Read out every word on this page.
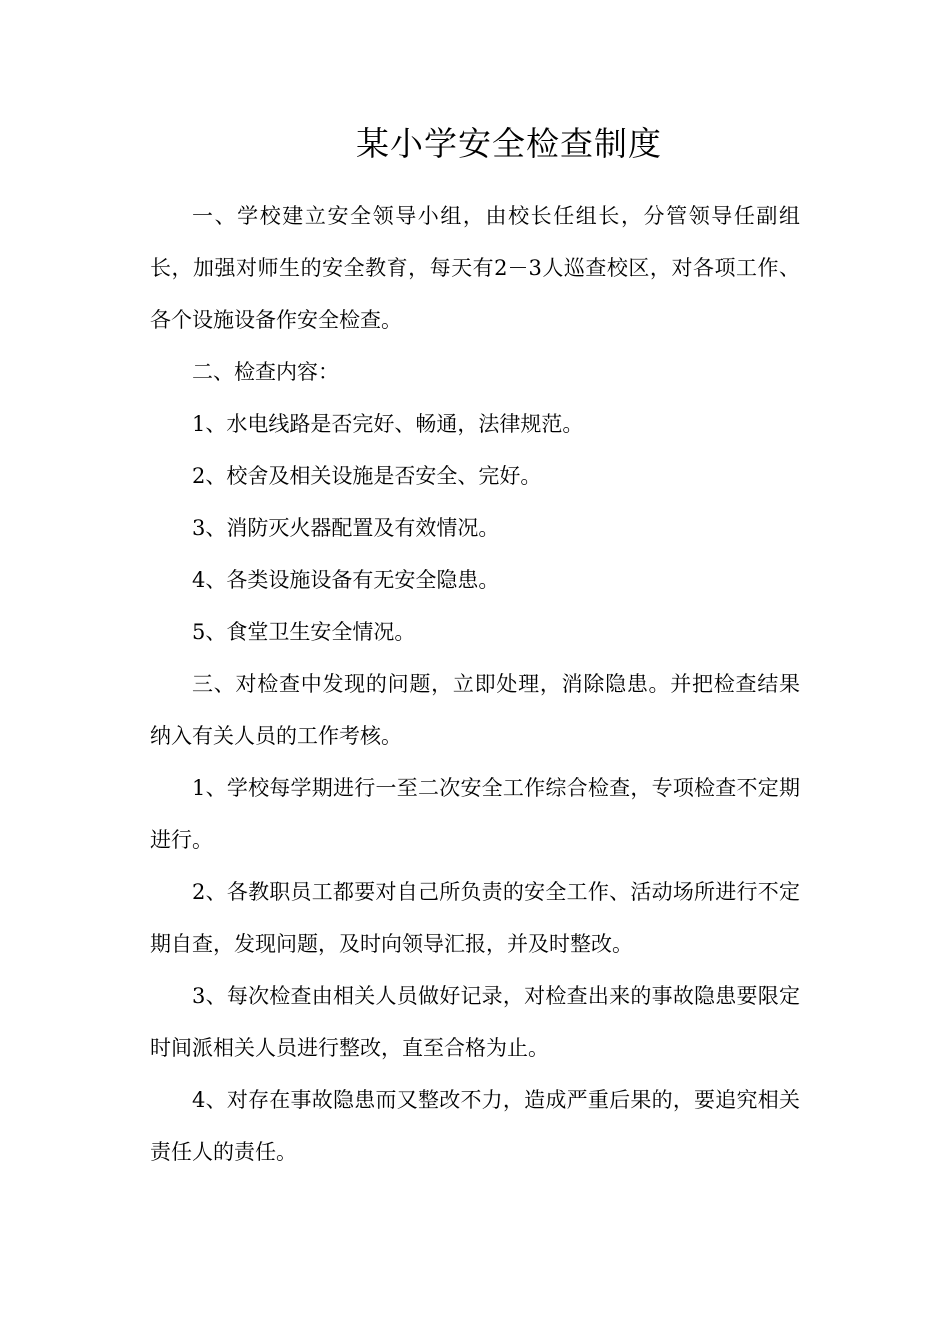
某小学安全检查制度

一、学校建立安全领导小组，由校长任组长，分管领导任副组长，加强对师生的安全教育，每天有2－3人巡查校区，对各项工作、各个设施设备作安全检查。

二、检查内容：

1、水电线路是否完好、畅通，法律规范。

2、校舍及相关设施是否安全、完好。

3、消防灭火器配置及有效情况。

4、各类设施设备有无安全隐患。

5、食堂卫生安全情况。

三、对检查中发现的问题，立即处理，消除隐患。并把检查结果纳入有关人员的工作考核。

1、学校每学期进行一至二次安全工作综合检查，专项检查不定期进行。

2、各教职员工都要对自己所负责的安全工作、活动场所进行不定期自查，发现问题，及时向领导汇报，并及时整改。

3、每次检查由相关人员做好记录，对检查出来的事故隐患要限定时间派相关人员进行整改，直至合格为止。

4、对存在事故隐患而又整改不力，造成严重后果的，要追究相关责任人的责任。
